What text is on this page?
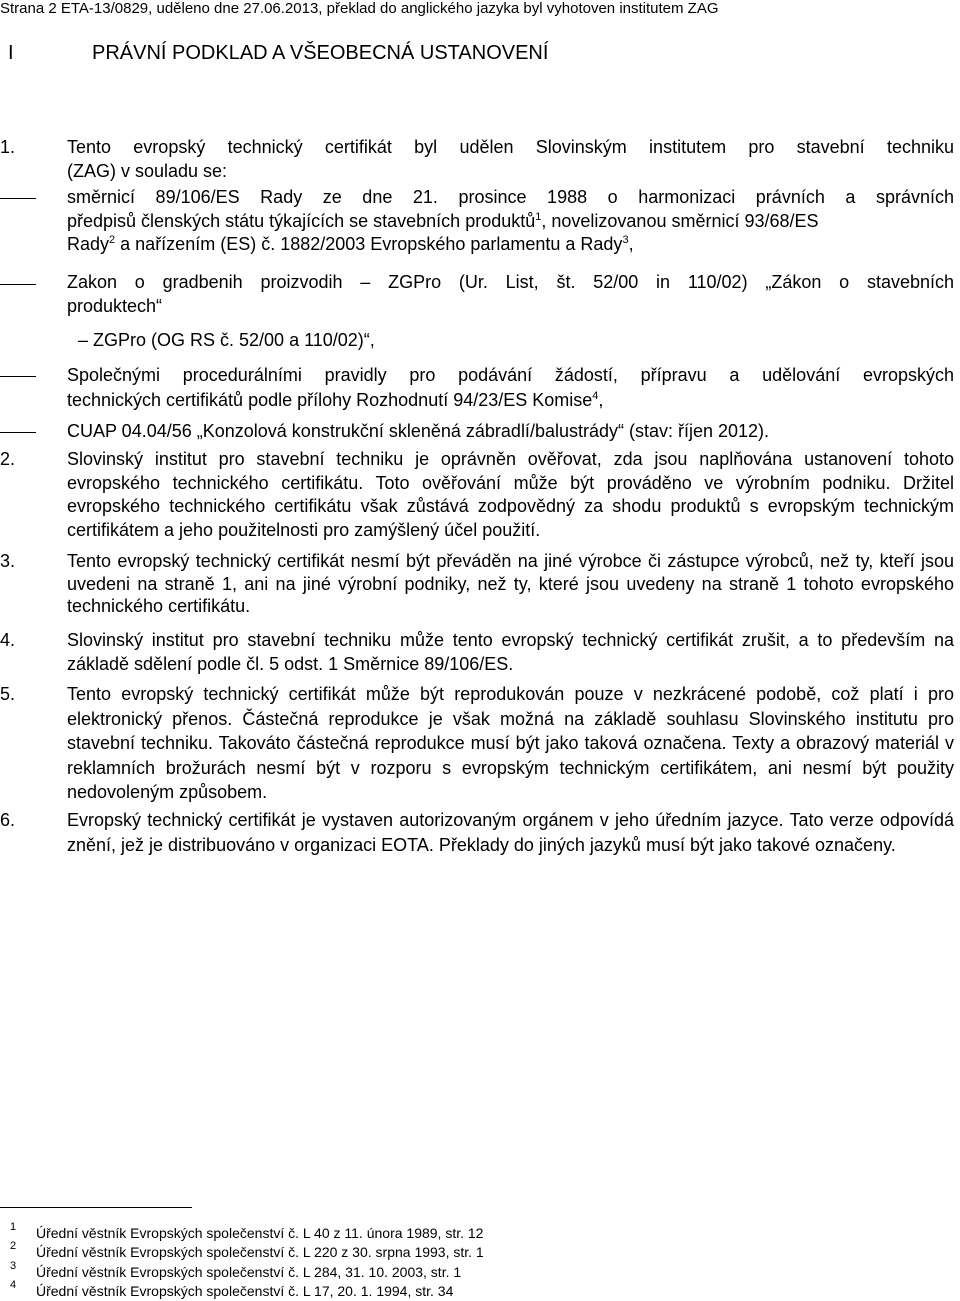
Strana 2 ETA-13/0829, uděleno dne 27.06.2013, překlad do anglického jazyka byl vyhotoven institutem ZAG
I	PRÁVNÍ PODKLAD A VŠEOBECNÁ USTANOVENÍ
1.	Tento evropský technický certifikát byl udělen Slovinským institutem pro stavební techniku
(ZAG) v souladu se:
směrnicí 89/106/ES Rady ze dne 21. prosince 1988 o harmonizaci právních a správních
předpisů členských státu týkajících se stavebních produktů$^1$, novelizovanou směrnicí 93/68/ES
Rady$^2$ a nařízením (ES) č. 1882/2003 Evropského parlamentu a Rady$^3$,
Zakon o gradbenih proizvodih – ZGPro (Ur. List, št. 52/00 in 110/02) „Zákon o stavebních
produktech“
– ZGPro (OG RS č. 52/00 a 110/02)“,
Společnými procedurálními pravidly pro podávání žádostí, přípravu a udělování evropských
technických certifikátů podle přílohy Rozhodnutí 94/23/ES Komise$^4$,
CUAP 04.04/56 „Konzolová konstrukční skleněná zábradlí/balustrády“ (stav: říjen 2012).
2.	Slovinský institut pro stavební techniku je oprávněn ověřovat, zda jsou naplňována ustanovení tohoto evropského technického certifikátu. Toto ověřování může být prováděno ve výrobním podniku. Držitel evropského technického certifikátu však zůstává zodpovědný za shodu produktů s evropským technickým certifikátem a jeho použitelnosti pro zamýšlený účel použití.
3.	Tento evropský technický certifikát nesmí být převáděn na jiné výrobce či zástupce výrobců, než ty, kteří jsou uvedeni na straně 1, ani na jiné výrobní podniky, než ty, které jsou uvedeny na straně 1 tohoto evropského technického certifikátu.
4.	Slovinský institut pro stavební techniku může tento evropský technický certifikát zrušit, a to především na základě sdělení podle čl. 5 odst. 1 Směrnice 89/106/ES.
5.	Tento evropský technický certifikát může být reprodukován pouze v nezkrácené podobě, což platí i pro elektronický přenos. Částečná reprodukce je však možná na základě souhlasu Slovinského institutu pro stavební techniku. Takováto částečná reprodukce musí být jako taková označena. Texty a obrazový materiál v reklamních brožurách nesmí být v rozporu s evropským technickým certifikátem, ani nesmí být použity nedovoleným způsobem.
6.	Evropský technický certifikát je vystaven autorizovaným orgánem v jeho úředním jazyce. Tato verze odpovídá znění, jež je distribuováno v organizaci EOTA. Překlady do jiných jazyků musí být jako takové označeny.
1 Úřední věstník Evropských společenství č. L 40 z 11. února 1989, str. 12
2 Úřední věstník Evropských společenství č. L 220 z 30. srpna 1993, str. 1
3 Úřední věstník Evropských společenství č. L 284, 31. 10. 2003, str. 1
4 Úřední věstník Evropských společenství č. L 17, 20. 1. 1994, str. 34
